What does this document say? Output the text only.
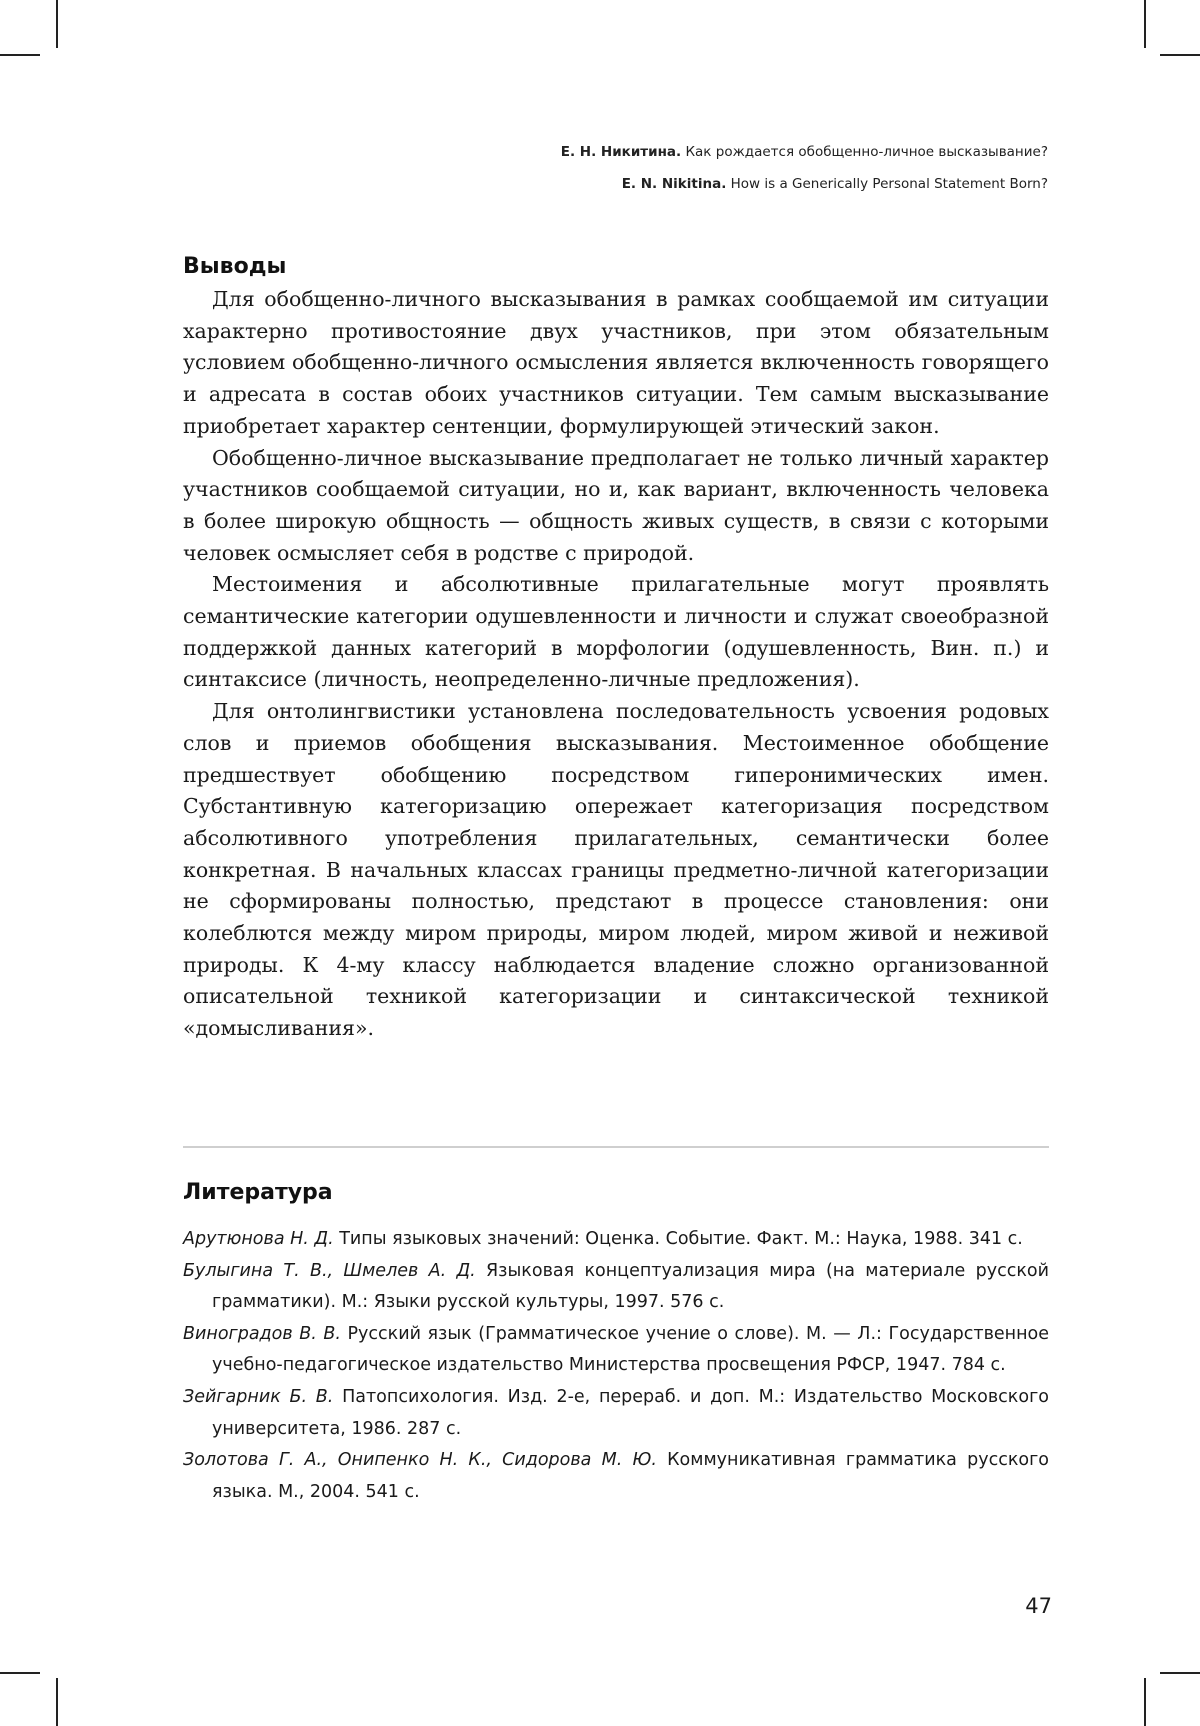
Е. Н. Никитина. Как рождается обобщенно-личное высказывание?
E. N. Nikitina. How is a Generically Personal Statement Born?
Выводы

Для обобщенно-личного высказывания в рамках сообщаемой им ситуации характерно противостояние двух участников, при этом обязательным условием обобщенно-личного осмысления является включенность говорящего и адресата в состав обоих участников ситуации. Тем самым высказывание приобретает характер сентенции, формулирующей этический закон.

Обобщенно-личное высказывание предполагает не только личный характер участников сообщаемой ситуации, но и, как вариант, включенность человека в более широкую общность — общность живых существ, в связи с которыми человек осмысляет себя в родстве с природой.

Местоимения и абсолютивные прилагательные могут проявлять семантические категории одушевленности и личности и служат своеобразной поддержкой данных категорий в морфологии (одушевленность, Вин. п.) и синтаксисе (личность, неопределенно-личные предложения).

Для онтолингвистики установлена последовательность усвоения родовых слов и приемов обобщения высказывания. Местоименное обобщение предшествует обобщению посредством гиперонимических имен. Субстантивную категоризацию опережает категоризация посредством абсолютивного употребления прилагательных, семантически более конкретная. В начальных классах границы предметно-личной категоризации не сформированы полностью, предстают в процессе становления: они колеблются между миром природы, миром людей, миром живой и неживой природы. К 4-му классу наблюдается владение сложно организованной описательной техникой категоризации и синтаксической техникой «домысливания».

Литература

Арутюнова Н. Д. Типы языковых значений: Оценка. Событие. Факт. М.: Наука, 1988. 341 с.

Булыгина Т. В., Шмелев А. Д. Языковая концептуализация мира (на материале русской грамматики). М.: Языки русской культуры, 1997. 576 с.

Виноградов В. В. Русский язык (Грамматическое учение о слове). М. — Л.: Государственное учебно-педагогическое издательство Министерства просвещения РФСР, 1947. 784 с.

Зейгарник Б. В. Патопсихология. Изд. 2-е, перераб. и доп. М.: Издательство Московского университета, 1986. 287 с.

Золотова Г. А., Онипенко Н. К., Сидорова М. Ю. Коммуникативная грамматика русского языка. М., 2004. 541 с.

47
